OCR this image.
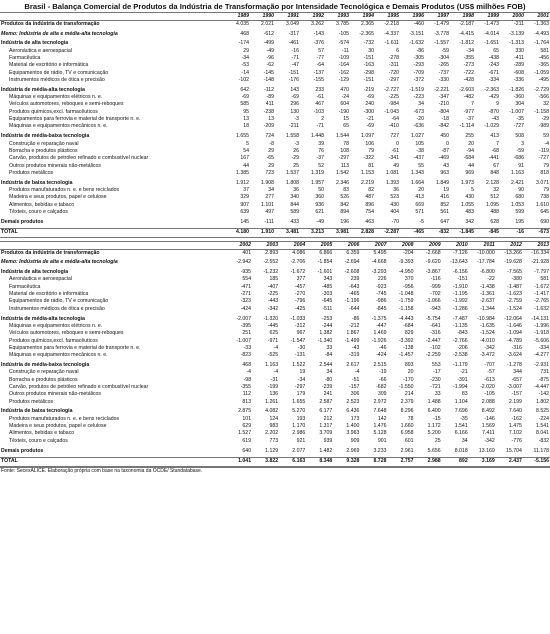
Brasil - Balança Comercial de Produtos da Indústria de Transformação por Intensidade Tecnológica e Demais Produtos (US$ milhões FOB)
	1989	1990	1991	1992	1993	1994	1995	1996	1997	1998	1999	2000	2001
Produtos da indústria de transformação	4.035	2.021	3.049	3.262	3.785	2.365	-2.218	-460	-1.479	-2.187	-1.473	-211	-1.363

Memo: Indústria de alta e média-alta tecnologia	468	-612	-317	-143	-105	-2.365	-4.337	-3.151	-3.778	-4.415	-4.014	-3.139	-4.493

Indústria de alta tecnologia	-174	-499	-461	-376	-574	-732	-1.611	-1.632	-1.557	-1.812	-1.651	-1.313	-1.764
Aeronáutica e aeroespacial	29	-49	-16	57	-11	30	6	-86	-59	-34	65	330	581
Farmacêutica	-34	-96	-71	-77	-109	-151	-278	-305	-304	-355	-438	-411	-456
Material de escritório e informática	-53	-62	-47	-64	-164	-163	-311	-293	-265	-273	-243	-289	-365
Equipamentos de rádio, TV e comunicação	-14	-145	-151	-137	-162	-298	-720	-709	-737	-722	-671	-608	-1.059
Instrumentos médicos de ótica e precisão	-102	-148	-176	-155	-129	-151	-297	-372	-330	-428	-334	-336	-495

Indústria de média-alta tecnologia	642	-112	143	233	470	-219	-2.727	-1.519	-2.221	-2.603	-2.363	-1.826	-2.729
Máquinas e equipamentos elétricos n. e.	-69	-89	-69	-61	-24	-69	-225	-223	-347	-482	-429	-360	-566
Veículos automotores, reboques e semi-reboques	585	411	296	467	604	240	-984	34	-210	7	9	304	32
Produtos químicos,excl. farmacêuticos	95	-238	130	-103	-190	-300	-1.043	-673	-804	-977	-870	-1.007	-1.158
Equipamentos para ferrovia e material de transporte n. e.	13	13	-3	2	15	-21	-64	-20	-18	-37	-43	-35	-29
Máquinas e equipamentos mecânicos n. e.	18	-209	-211	-71	65	-69	-410	-636	-842	-1.114	-1.029	-727	-989

Indústria de média-baixa tecnologia	1.655	724	1.558	1.448	1.544	1.097	727	1.027	450	255	413	508	59
Construção e reparação naval	5	-8	-3	39	78	106	0	105	0	20	7	3	-4
Borracha e produtos plásticos	54	29	26	76	108	79	-61	-38	-87	-94	-68	-59	-119
Carvão, produtos de petróleo refinado e combustível nuclear	167	-65	-29	-37	-297	-322	-341	-437	-469	-684	-441	-686	-727
Outros produtos minerais não-metálicos	44	29	25	52	113	81	49	55	43	44	67	91	79
Produtos metálicos	1.385	723	1.537	1.319	1.542	1.153	1.081	1.343	963	969	848	1.163	818

Indústria de baixa tecnologia	1.912	1.908	1.808	1.957	2.346	2.219	1.393	1.664	1.849	1.973	2.128	2.421	3.071
Produtos manufaturados n. e. e bens reciclados	37	34	36	50	83	82	36	20	19	5	32	90	79
Madeira e seus produtos, papel e celulose	329	277	340	360	526	487	523	413	416	430	512	680	738
Alimentos, bebidas e tabaco	907	1.101	844	936	842	896	430	669	852	1.055	1.095	1.053	1.610
Têxteis, couro e calçados	639	497	589	621	894	754	404	571	561	483	488	599	645

Demais produtos	145	-111	433	-49	196	463	-70	-5	647	342	628	195	690

TOTAL	4.180	1.910	3.481	3.213	3.981	2.828	-2.287	-465	-832	-1.845	-845	-16	-673
	2002	2003	2004	2005	2006	2007	2008	2009	2010	2011	2012	2013
Produtos da indústria de transformação	401	2.893	4.086	6.866	6.359	5.495	-204	-2.668	-7.126	-10.000	-13.266	-16.334

Memo: Indústria de alta e média-alta tecnologia	-2.942	-2.552	-2.706	-1.854	-2.694	-4.668	-9.393	-9.620	-13.643	-17.784	-19.628	-21.928

Indústria de alta tecnologia	-935	-1.232	-1.672	-1.601	-2.608	-3.293	-4.950	-3.867	-6.156	-6.800	-7.565	-7.797
Aeronáutica e aeroespacial	554	185	377	343	239	226	370	-116	-151	-22	-380	581
Farmacêutica	-471	-407	-457	-485	-643	-923	-956	-999	-1.910	-1.438	-1.487	-1.672
Material de escritório e informática	-271	-225	-270	-303	-465	-745	-1.048	-702	-1.195	-1.361	-1.623	-1.417
Equipamentos de rádio, TV e comunicação	-323	-443	-796	-645	-1.196	-986	-1.759	-1.066	-1.992	-2.637	-2.759	-2.765
Instrumentos médicos de ótica e precisão	-424	-342	-425	-511	-644	-845	-1.158	-943	-1.286	-1.344	-1.524	-1.632

Indústria de média-alta tecnologia	-2.007	-1.320	-1.033	-253	-86	-1.375	-4.443	-5.754	-7.487	-10.984	-12.064	-14.131
Máquinas e equipamentos elétricos n. e.	-395	-445	-312	-244	-212	-447	-684	-641	-1.135	-1.635	-1.646	-1.996
Veículos automotores, reboques e semi-reboques	251	625	967	1.382	1.867	1.469	829	-316	-843	-1.524	-1.094	-1.918
Produtos químicos,excl. farmacêuticos	-1.007	-971	-1.547	-1.340	-1.499	-1.926	-3.392	-2.447	-2.766	-4.010	-4.789	-5.606
Equipamentos para ferrovia e material de transporte n. e.	-33	-4	-30	33	-43	-46	-138	-102	-206	-342	-316	-334
Máquinas e equipamentos mecânicos n. e.	-823	-525	-131	-84	-319	-424	-1.457	-2.259	-2.538	-3.472	-3.624	-4.277

Indústria de média-baixa tecnologia	468	1.163	1.522	2.544	2.617	2.515	893	553	-1.179	-707	-1.278	-2.931
Construção e reparação naval	-4	-4	19	34	-4	-19	20	-17	-21	-57	344	731
Borracha e produtos plásticos	-98	-31	-34	-80	-51	-66	-170	-230	-391	-613	-657	-875
Carvão, produtos de petróleo refinado e combustível nuclear	-355	-199	-297	-239	-157	-682	-1.550	-721	-1.994	-2.020	-3.007	-4.447
Outros produtos minerais não-metálicos	112	136	179	241	306	309	214	33	83	-105	-157	-142
Produtos metálicos	813	1.261	1.655	2.587	2.523	2.972	2.379	1.488	1.104	2.088	2.199	1.802

Indústria de baixa tecnologia	2.875	4.082	5.270	6.177	6.436	7.648	8.296	6.400	7.696	8.492	7.640	8.525
Produtos manufaturados n. e. e bens reciclados	101	124	193	212	173	142	78	-15	-35	-146	-162	-224
Madeira e seus produtos, papel e celulose	629	983	1.170	1.317	1.400	1.476	1.660	1.172	1.541	1.569	1.475	1.541
Alimentos, bebidas e tabaco	1.527	2.202	2.986	3.709	3.963	5.128	6.958	5.200	6.166	7.411	7.102	8.041
Têxteis, couro e calçados	619	773	921	939	909	901	601	25	34	-342	-776	-832

Demais produtos	640	1.129	2.077	1.482	2.969	3.233	2.961	5.656	8.018	13.169	15.704	11.178

TOTAL	1.041	3.822	6.163	8.348	9.328	8.728	2.757	2.988	892	3.169	2.437	-5.156
Fonte: SecexALICE. Elaboração própria com base na taxonomia da OCDE/ Standatabase.
